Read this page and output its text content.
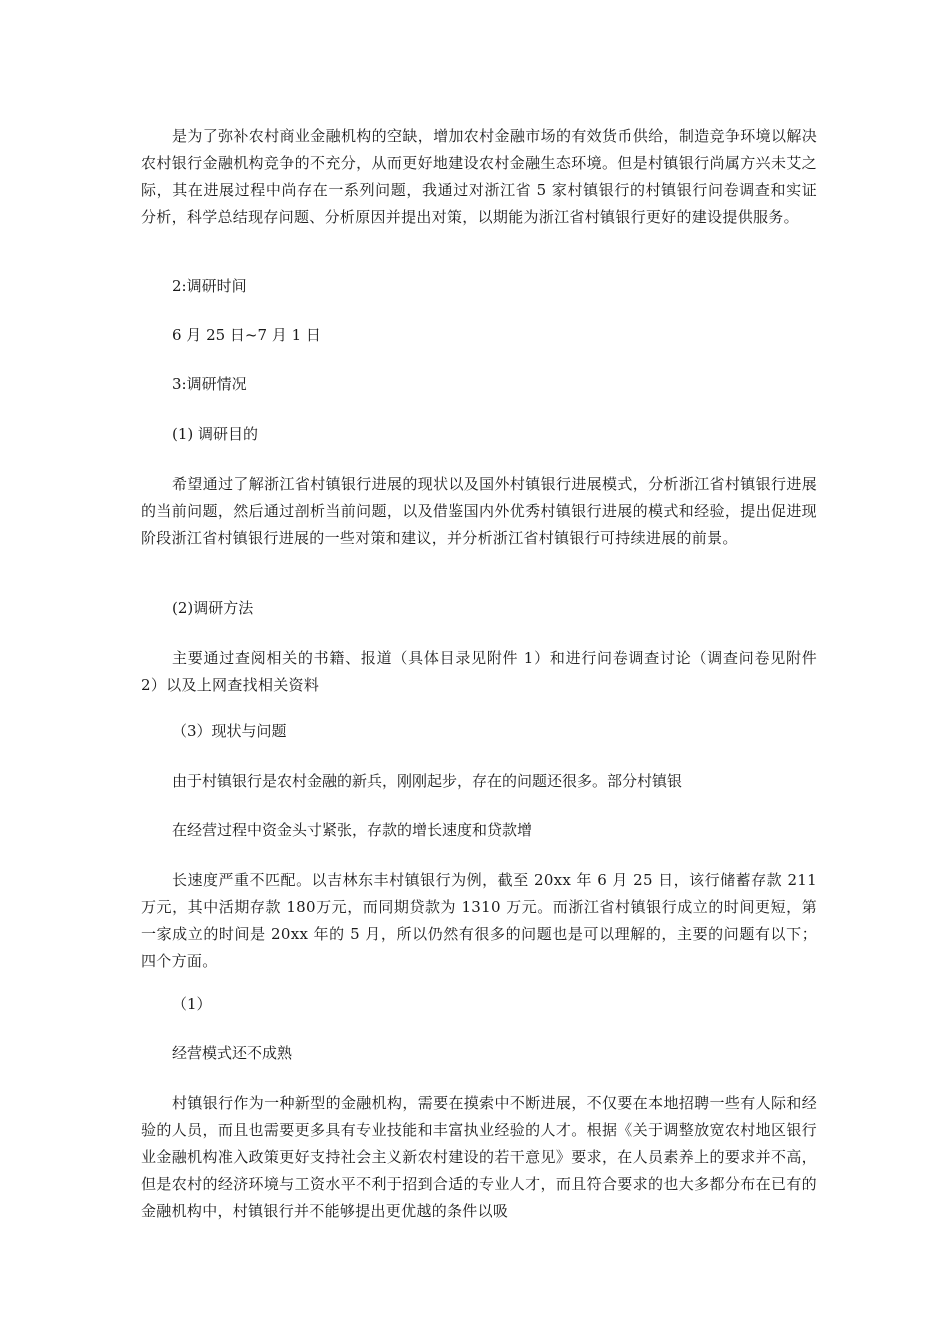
是为了弥补农村商业金融机构的空缺，增加农村金融市场的有效货币供给，制造竞争环境以解决农村银行金融机构竞争的不充分，从而更好地建设农村金融生态环境。但是村镇银行尚属方兴未艾之际，其在进展过程中尚存在一系列问题，我通过对浙江省 5 家村镇银行的村镇银行问卷调查和实证分析，科学总结现存问题、分析原因并提出对策，以期能为浙江省村镇银行更好的建设提供服务。

2:调研时间

6 月 25 日~7 月 1 日

3:调研情况

(1) 调研目的

希望通过了解浙江省村镇银行进展的现状以及国外村镇银行进展模式，分析浙江省村镇银行进展的当前问题，然后通过剖析当前问题，以及借鉴国内外优秀村镇银行进展的模式和经验，提出促进现阶段浙江省村镇银行进展的一些对策和建议，并分析浙江省村镇银行可持续进展的前景。

(2)调研方法

主要通过查阅相关的书籍、报道（具体目录见附件 1）和进行问卷调查讨论（调查问卷见附件 2）以及上网查找相关资料

（3）现状与问题

由于村镇银行是农村金融的新兵，刚刚起步，存在的问题还很多。部分村镇银

在经营过程中资金头寸紧张，存款的增长速度和贷款增

长速度严重不匹配。以吉林东丰村镇银行为例，截至 20xx 年 6 月 25 日，该行储蓄存款 211 万元，其中活期存款 180万元，而同期贷款为 1310 万元。而浙江省村镇银行成立的时间更短，第一家成立的时间是 20xx 年的 5 月，所以仍然有很多的问题也是可以理解的，主要的问题有以下；四个方面。

（1）

经营模式还不成熟

村镇银行作为一种新型的金融机构，需要在摸索中不断进展，不仅要在本地招聘一些有人际和经验的人员，而且也需要更多具有专业技能和丰富执业经验的人才。根据《关于调整放宽农村地区银行业金融机构准入政策更好支持社会主义新农村建设的若干意见》要求，在人员素养上的要求并不高，但是农村的经济环境与工资水平不利于招到合适的专业人才，而且符合要求的也大多都分布在已有的金融机构中，村镇银行并不能够提出更优越的条件以吸
